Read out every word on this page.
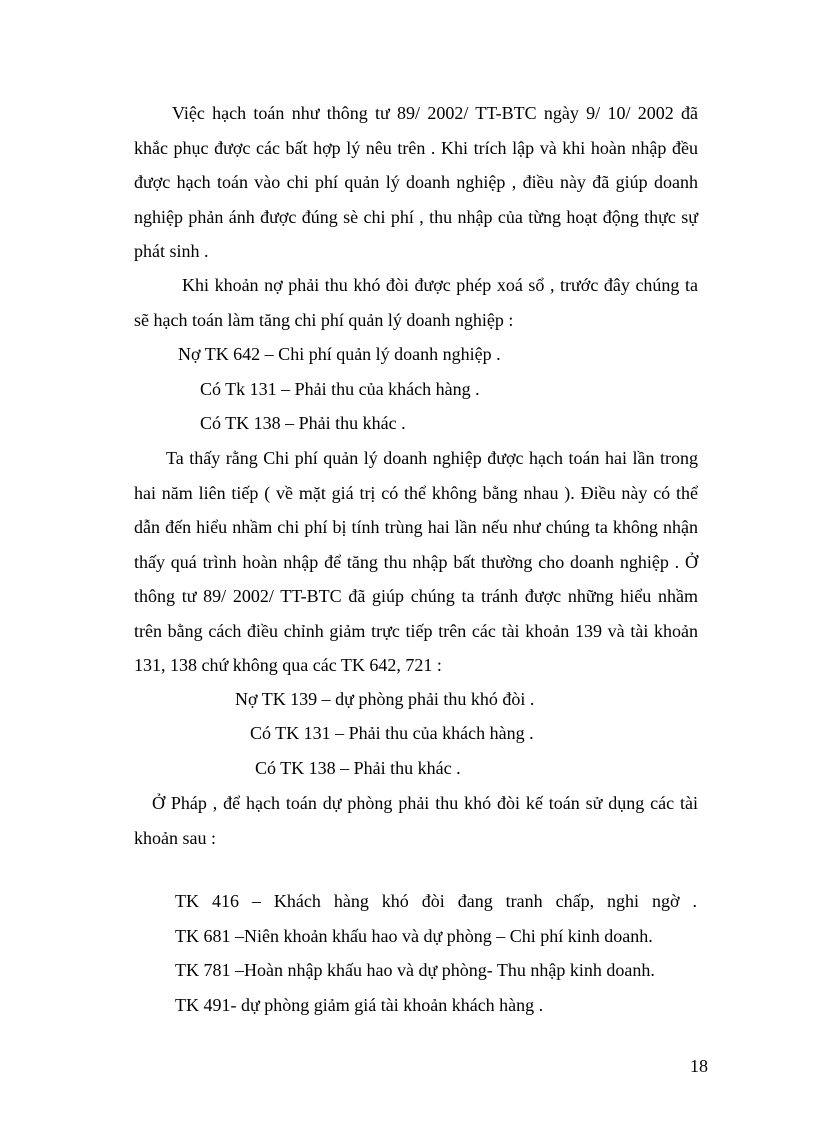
Việc hạch toán như thông tư 89/ 2002/ TT-BTC ngày 9/ 10/ 2002 đã khắc phục được các bất hợp lý nêu trên . Khi trích lập và khi hoàn nhập đều được hạch toán vào chi phí quản lý doanh nghiệp , điều này đã giúp doanh nghiệp phản ánh được đúng sè chi phí , thu nhập của từng hoạt động thực sự phát sinh .

Khi khoản nợ phải thu khó đòi được phép xoá sổ , trước đây chúng ta sẽ hạch toán làm tăng chi phí quản lý doanh nghiệp :

Nợ TK 642 – Chi phí quản lý doanh nghiệp .

Có Tk 131 – Phải thu của khách hàng .

Có TK 138 – Phải thu khác .

Ta thấy rằng Chi phí quản lý doanh nghiệp được hạch toán hai lần trong hai năm liên tiếp ( về mặt giá trị có thể không bằng nhau ). Điều này có thể dẫn đến hiểu nhầm chi phí bị tính trùng hai lần nếu như chúng ta không nhận thấy quá trình hoàn nhập để tăng thu nhập bất thường cho doanh nghiệp . Ở thông tư 89/ 2002/ TT-BTC đã giúp chúng ta tránh được những hiểu nhầm trên bằng cách điều chỉnh giảm trực tiếp trên các tài khoản 139 và tài khoản 131, 138 chứ không qua các TK 642, 721 :

Nợ TK 139 – dự phòng phải thu khó đòi .

Có TK 131 – Phải thu của khách hàng .

Có TK 138 – Phải thu khác .

Ở Pháp , để hạch toán dự phòng phải thu khó đòi kế toán sử dụng các tài khoản sau :

TK 416 – Khách hàng khó đòi đang tranh chấp, nghi ngờ .
TK 681 –Niên khoản khấu hao và dự phòng – Chi phí kinh doanh.
TK 781 –Hoàn nhập khấu hao và dự phòng- Thu nhập kinh doanh.
TK 491- dự phòng giảm giá tài khoản khách hàng .

18
